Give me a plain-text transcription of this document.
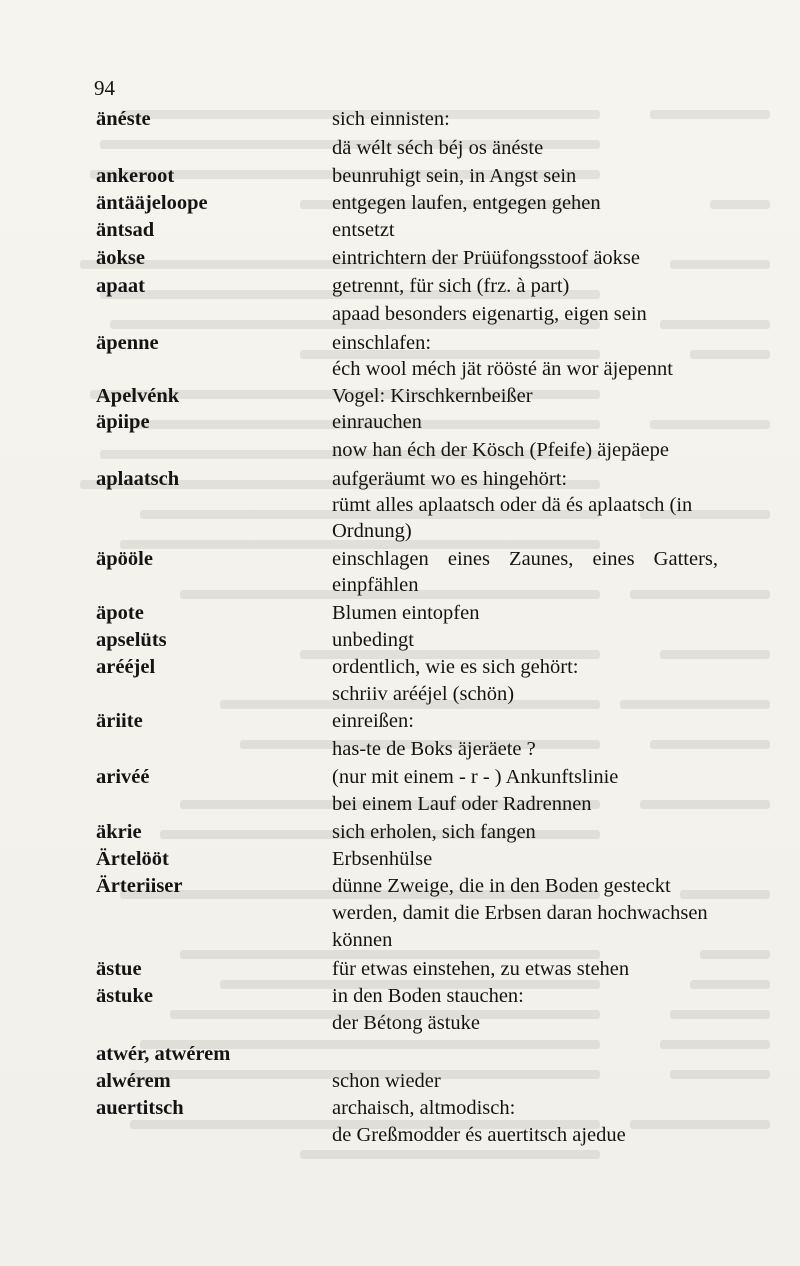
94
änéste	sich einnisten:
dä wélt séch béj os änéste
ankeroot	beunruhigt sein, in Angst sein
äntääjeloope	entgegen laufen, entgegen gehen
äntsad	entsetzt
äokse	eintrichtern der Prüüfongsstoof äokse
apaat	getrennt, für sich (frz. à part)
apaad besonders eigenartig, eigen sein
äpenne	einschlafen:
éch wool méch jät röösté än wor äjepennt
Apelvénk	Vogel: Kirschkernbeißer
äpiipe	einrauchen
now han éch der Kösch (Pfeife) äjepäepe
aplaatsch	aufgeräumt wo es hingehört:
rümt alles aplaatsch oder dä és aplaatsch (in Ordnung)
äpööle	einschlagen eines Zaunes, eines Gatters, einpfählen
äpote	Blumen eintopfen
apselüts	unbedingt
arééjel	ordentlich, wie es sich gehört:
schriiv arééjel (schön)
äriite	einreißen:
has-te de Boks äjeräete ?
arivéé	(nur mit einem - r - ) Ankunftslinie
bei einem Lauf oder Radrennen
äkrie	sich erholen, sich fangen
Ärtelööt	Erbsenhülse
Ärteriiser	dünne Zweige, die in den Boden gesteckt werden, damit die Erbsen daran hochwachsen können
ästue	für etwas einstehen, zu etwas stehen
ästuke	in den Boden stauchen:
der Bétong ästuke
atwér, atwérem
alwérem	schon wieder
auertitsch	archaisch, altmodisch:
de Greßmodder és auertitsch ajedue
